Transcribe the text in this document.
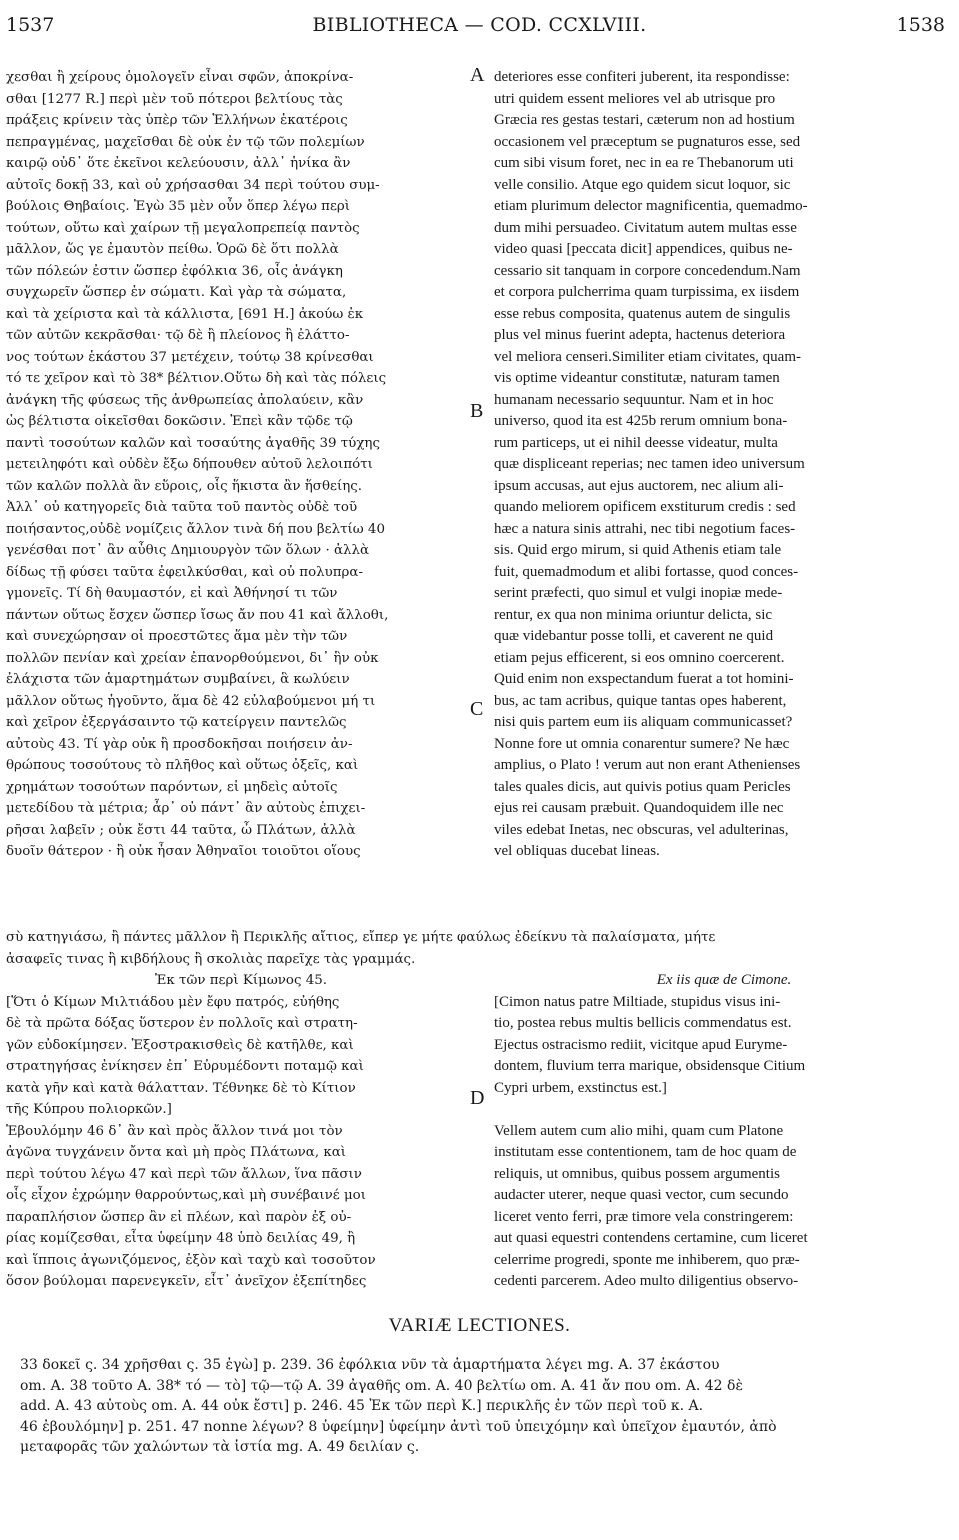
1537	BIBLIOTHECA — COD. CCXLVIII.	1538
χεσθαι ἢ χείρους ὁμολογεῖν εἶναι σφῶν, ἀποκρίνα-
σθαι [1277 R.] περὶ μὲν τοῦ πότεροι βελτίους τὰς
πράξεις κρίνειν τὰς ὑπὲρ τῶν Ἑλλήνων ἑκατέροις
πεπραγμένας, μαχεῖσθαι δὲ οὐκ ἐν τῷ τῶν πολεμίων
καιρῷ οὐδ᾽ ὅτε ἐκεῖνοι κελεύουσιν, ἀλλ᾽ ἡνίκα ἂν
αὐτοῖς δοκῇ 33, καὶ οὐ χρήσασθαι 34 περὶ τούτου συμ-
βούλοις Θηβαίοις. Ἐγὼ 35 μὲν οὖν ὅπερ λέγω περὶ
τούτων, οὕτω καὶ χαίρων τῇ μεγαλοπρεπείᾳ παντὸς
μᾶλλον, ὥς γε ἐμαυτὸν πείθω. Ὁρῶ δὲ ὅτι πολλὰ
τῶν πόλεών ἐστιν ὥσπερ ἐφόλκια 36, οἷς ἀνάγκη
συγχωρεῖν ὥσπερ ἐν σώματι. Καὶ γὰρ τὰ σώματα,
καὶ τὰ χείριστα καὶ τὰ κάλλιστα, [691 H.] ἀκούω ἐκ
τῶν αὐτῶν κεκρᾶσθαι· τῷ δὲ ἢ πλείονος ἢ ἐλάττο-
νος τούτων ἑκάστου 37 μετέχειν, τούτῳ 38 κρίνεσθαι
τό τε χεῖρον καὶ τὸ 38* βέλτιον.Οὕτω δὴ καὶ τὰς πόλεις
ἀνάγκη τῆς φύσεως τῆς ἀνθρωπείας ἀπολαύειν, κἂν
ὡς βέλτιστα οἰκεῖσθαι δοκῶσιν. Ἐπεὶ κἂν τῷδε τῷ
παντὶ τοσούτων καλῶν καὶ τοσαύτης ἀγαθῆς 39 τύχης
μετειληφότι καὶ οὐδὲν ἔξω δήπουθεν αὐτοῦ λελοιπότι
τῶν καλῶν πολλὰ ἂν εὕροις, οἷς ἥκιστα ἂν ἥσθείης.
Ἀλλ᾽ οὐ κατηγορεῖς διὰ ταῦτα τοῦ παντὸς οὐδὲ τοῦ
ποιήσαντος,οὐδὲ νομίζεις ἄλλον τινὰ δή που βελτίω 40
γενέσθαι ποτ᾽ ἂν αὖθις Δημιουργὸν τῶν ὅλων · ἀλλὰ
δίδως τῇ φύσει ταῦτα ἐφειλκύσθαι, καὶ οὐ πολυπρα-
γμονεῖς. Τί δὴ θαυμαστόν, εἰ καὶ Ἀθήνησί τι τῶν
πάντων οὕτως ἔσχεν ὥσπερ ἴσως ἄν που 41 καὶ ἄλλοθι,
καὶ συνεχώρησαν οἱ προεστῶτες ἅμα μὲν τὴν τῶν
πολλῶν πενίαν καὶ χρείαν ἐπανορθούμενοι, δι᾽ ἣν οὐκ
ἐλάχιστα τῶν ἁμαρτημάτων συμβαίνει, ἃ κωλύειν
μᾶλλον οὕτως ἡγοῦντο, ἅμα δὲ 42 εὐλαβούμενοι μή τι
καὶ χεῖρον ἐξεργάσαιντο τῷ κατείργειν παντελῶς
αὐτοὺς 43. Τί γὰρ οὐκ ἢ προσδοκῆσαι ποιήσειν ἀν-
θρώπους τοσούτους τὸ πλῆθος καὶ οὕτως ὀξεῖς, καὶ
χρημάτων τοσούτων παρόντων, εἰ μηδεὶς αὐτοῖς
μετεδίδου τὰ μέτρια; ἆρ᾽ οὐ πάντ᾽ ἂν αὐτοὺς ἐπιχει-
ρῆσαι λαβεῖν ; οὐκ ἔστι 44 ταῦτα, ὦ Πλάτων, ἀλλὰ
δυοῖν θάτερον · ἢ οὐκ ἦσαν Ἀθηναῖοι τοιοῦτοι οἵους
deteriores esse confiteri juberent, ita respondisse:
utri quidem essent meliores vel ab utrisque pro
Græcia res gestas testari, cæterum non ad hostium
occasionem vel præceptum se pugnaturos esse, sed
cum sibi visum foret, nec in ea re Thebanorum uti
velle consilio. Atque ego quidem sicut loquor, sic
etiam plurimum delector magnificentia, quemadmo-
dum mihi persuadeo. Civitatum autem multas esse
video quasi [peccata dicit] appendices, quibus ne-
cessario sit tanquam in corpore concedendum.Nam
et corpora pulcherrima quam turpissima, ex iisdem
esse rebus composita, quatenus autem de singulis
plus vel minus fuerint adepta, hactenus deteriora
vel meliora censeri.Similiter etiam civitates, quam-
vis optime videantur constitutæ, naturam tamen
humanam necessario sequuntur. Nam et in hoc
universo, quod ita est 425b rerum omnium bona-
rum particeps, ut ei nihil deesse videatur, multa
quæ displiceant reperias; nec tamen ideo universum
ipsum accusas, aut ejus auctorem, nec alium ali-
quando meliorem opificem exstiturum credis : sed
hæc a natura sinis attrahi, nec tibi negotium faces-
sis. Quid ergo mirum, si quid Athenis etiam tale
fuit, quemadmodum et alibi fortasse, quod conces-
serint præfecti, quo simul et vulgi inopiæ mede-
rentur, ex qua non minima oriuntur delicta, sic
quæ videbantur posse tolli, et caverent ne quid
etiam pejus efficerent, si eos omnino coercerent.
Quid enim non exspectandum fuerat a tot homini-
bus, ac tam acribus, quique tantas opes haberent,
nisi quis partem eum iis aliquam communicasset?
Nonne fore ut omnia conarentur sumere? Ne hæc
amplius, o Plato ! verum aut non erant Athenienses
tales quales dicis, aut quivis potius quam Pericles
ejus rei causam præbuit. Quandoquidem ille nec
viles edebat Inetas, nec obscuras, vel adulterinas,
vel obliquas ducebat lineas.
A
B
C
D
σὺ κατηγιάσω, ἢ πάντες μᾶλλον ἢ Περικλῆς αἴτιος, εἴπερ γε μήτε φαύλως ἐδείκνυ τὰ παλαίσματα, μήτε
ἀσαφεῖς τινας ἢ κιβδήλους ἢ σκολιὰς παρεῖχε τὰς γραμμάς.
Ἐκ τῶν περὶ Κίμωνος 45.
[Ὅτι ὁ Κίμων Μιλτιάδου μὲν ἔφυ πατρός, εὐήθης
δὲ τὰ πρῶτα δόξας ὕστερον ἐν πολλοῖς καὶ στρατη-
γῶν εὐδοκίμησεν. Ἐξοστρακισθεὶς δὲ κατῆλθε, καὶ
στρατηγήσας ἐνίκησεν ἐπ᾽ Εὐρυμέδοντι ποταμῷ καὶ
κατὰ γῆν καὶ κατὰ θάλατταν. Τέθνηκε δὲ τὸ Κίτιον
τῆς Κύπρου πολιορκῶν.]
Ἐβουλόμην 46 δ᾽ ἂν καὶ πρὸς ἄλλον τινά μοι τὸν
ἀγῶνα τυγχάνειν ὄντα καὶ μὴ πρὸς Πλάτωνα, καὶ
περὶ τούτου λέγω 47 καὶ περὶ τῶν ἄλλων, ἵνα πᾶσιν
οἷς εἶχον ἐχρώμην θαρρούντως,καὶ μὴ συνέβαινέ μοι
παραπλήσιον ὥσπερ ἂν εἰ πλέων, καὶ παρὸν ἐξ οὐ-
ρίας κομίζεσθαι, εἶτα ὑφείμην 48 ὑπὸ δειλίας 49, ἢ
καὶ ἵπποις ἀγωνιζόμενος, ἐξὸν καὶ ταχὺ καὶ τοσοῦτον
ὅσον βούλομαι παρενεγκεῖν, εἶτ᾽ ἀνεῖχον ἐξεπίτηδες
Ex iis quæ de Cimone.
[Cimon natus patre Miltiade, stupidus visus ini-
tio, postea rebus multis bellicis commendatus est.
Ejectus ostracismo rediit, vicitque apud Euryme-
dontem, fluvium terra marique, obsidensque Citium
Cypri urbem, exstinctus est.]
Vellem autem cum alio mihi, quam cum Platone
institutam esse contentionem, tam de hoc quam de
reliquis, ut omnibus, quibus possem argumentis
audacter uterer, neque quasi vector, cum secundo
liceret vento ferri, præ timore vela constringerem:
aut quasi equestri contendens certamine, cum liceret
celerrime progredi, sponte me inhiberem, quo præ-
cedenti parcerem. Adeo multo diligentius observo-
VARIÆ LECTIONES.
33 δοκεῖ ς. 34 χρῆσθαι ς. 35 ἐγὼ] p. 239. 36 ἐφόλκια νῦν τὰ ἁμαρτήματα λέγει mg. A. 37 ἑκάστου
om. A. 38 τοῦτο A. 38* τό — τὸ] τῷ—τῷ A. 39 ἀγαθῆς om. A. 40 βελτίω om. A. 41 ἄν που om. A. 42 δὲ
add. A. 43 αὐτοὺς om. A. 44 οὐκ ἔστι] p. 246. 45 Ἐκ τῶν περὶ Κ.] περικλῆς ἐν τῶν περὶ τοῦ κ. A.
46 ἐβουλόμην] p. 251. 47 nonne λέγων? 8 ὑφείμην] ὑφείμην ἀντὶ τοῦ ὑπειχόμην καὶ ὑπεῖχον ἐμαυτόν, ἀπὸ
μεταφορᾶς τῶν χαλώντων τὰ ἱστία mg. A. 49 δειλίαν ς.
